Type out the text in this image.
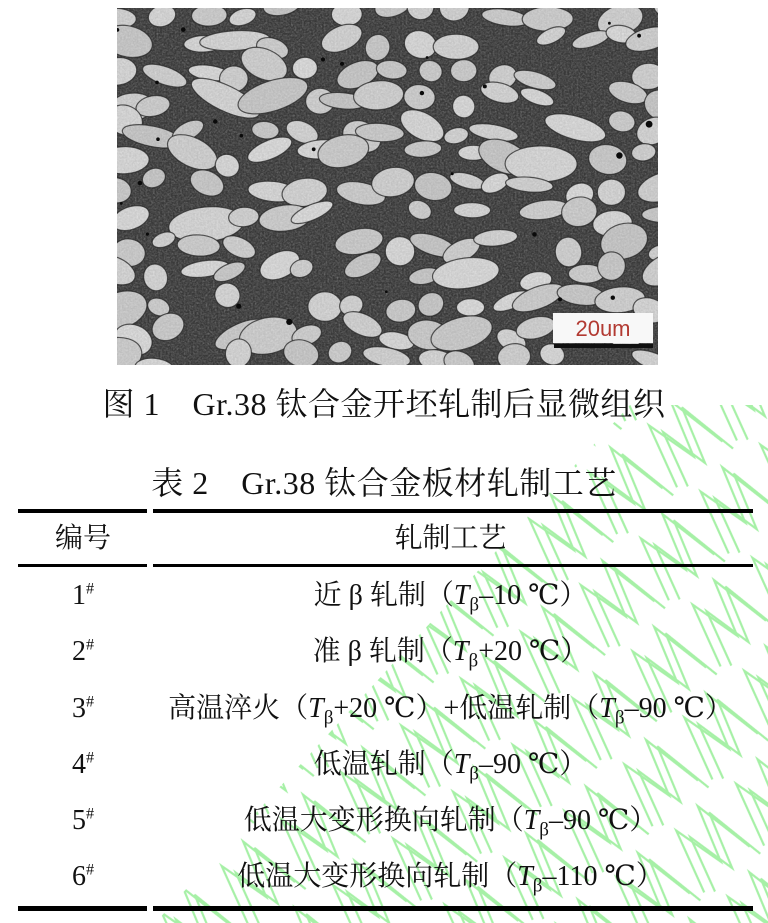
20um
图 1　Gr.38 钛合金开坯轧制后显微组织
表 2　Gr.38 钛合金板材轧制工艺
编号	轧制工艺
1#	近 β 轧制（$T_\beta-10$ ℃）
2#	准 β 轧制（$T_\beta+20$ ℃）
3#	高温淬火（$T_\beta+20$ ℃）+低温轧制（$T_\beta-90$ ℃）
4#	低温轧制（$T_\beta-90$ ℃）
5#	低温大变形换向轧制（$T_\beta-90$ ℃）
6#	低温大变形换向轧制（$T_\beta-110$ ℃）
